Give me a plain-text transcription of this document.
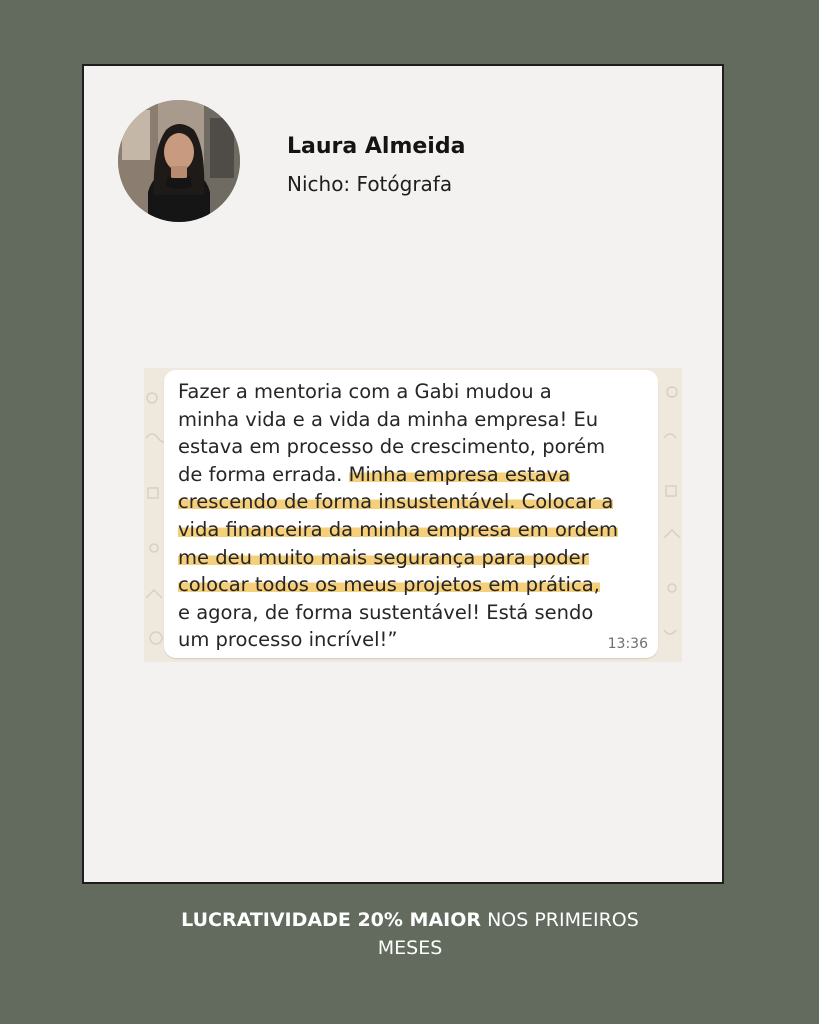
Laura Almeida
Nicho: Fotógrafa

Fazer a mentoria com a Gabi mudou a
minha vida e a vida da minha empresa! Eu
estava em processo de crescimento, porém
de forma errada. Minha empresa estava
crescendo de forma insustentável. Colocar a
vida financeira da minha empresa em ordem
me deu muito mais segurança para poder
colocar todos os meus projetos em prática,
e agora, de forma sustentável! Está sendo
um processo incrível!”	13:36
LUCRATIVIDADE 20% MAIOR NOS PRIMEIROS
MESES
